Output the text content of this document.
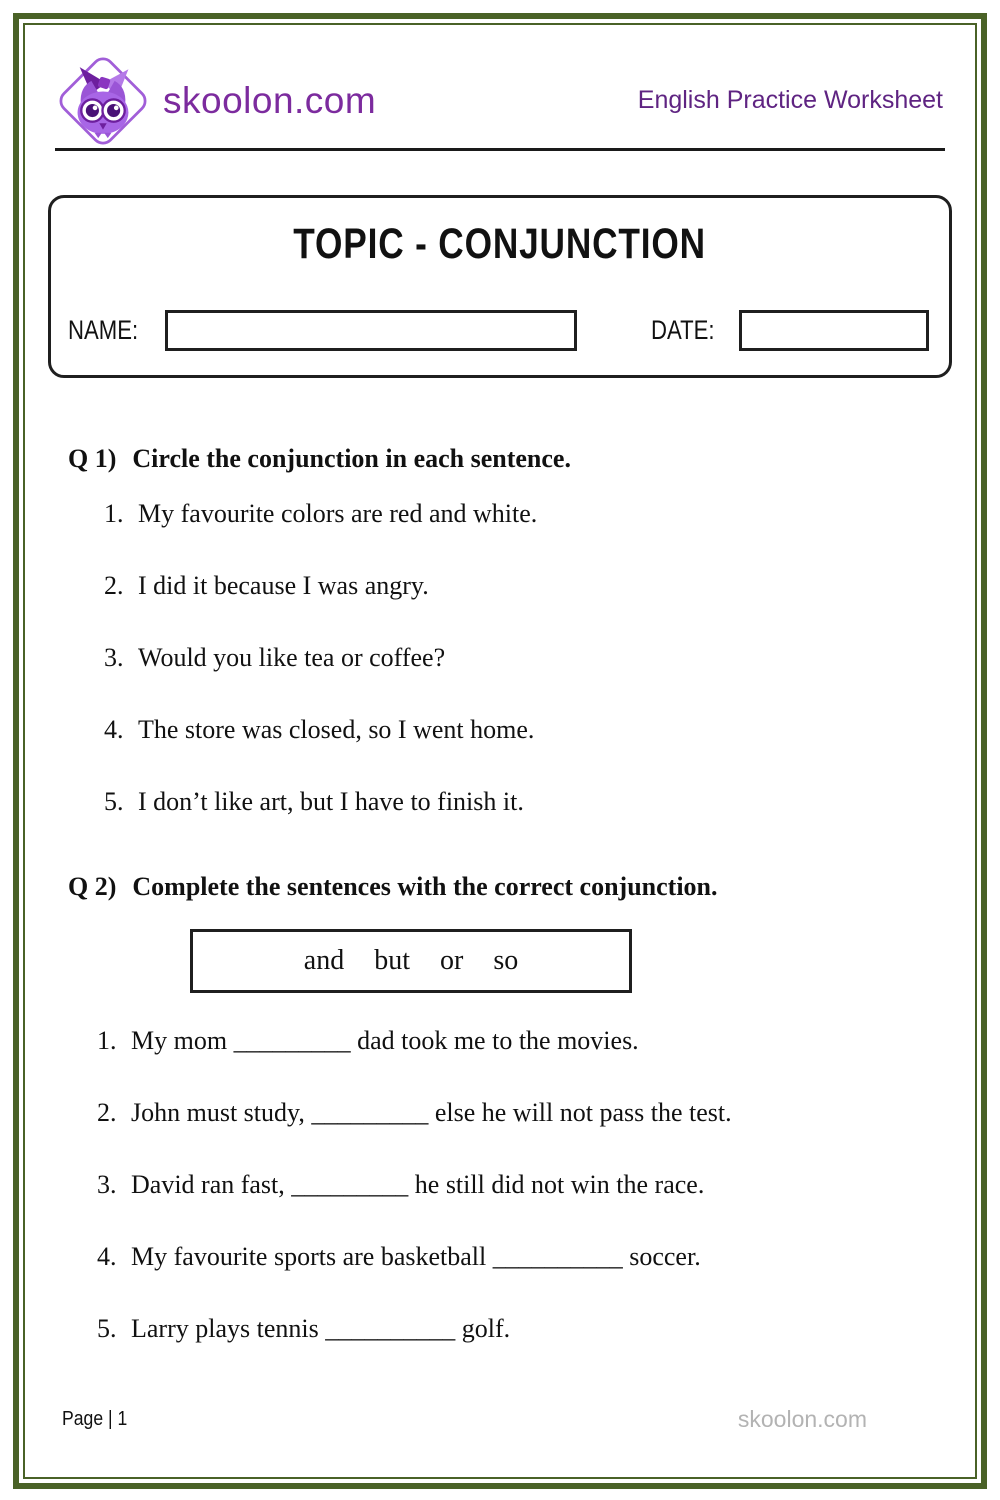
skoolon.com	English Practice Worksheet
TOPIC - CONJUNCTION
NAME:	DATE:
Q 1) Circle the conjunction in each sentence.
1. My favourite colors are red and white.
2. I did it because I was angry.
3. Would you like tea or coffee?
4. The store was closed, so I went home.
5. I don’t like art, but I have to finish it.
Q 2) Complete the sentences with the correct conjunction.
and but or so
1. My mom _________ dad took me to the movies.
2. John must study, _________ else he will not pass the test.
3. David ran fast, _________ he still did not win the race.
4. My favourite sports are basketball __________ soccer.
5. Larry plays tennis __________ golf.
Page | 1	skoolon.com
